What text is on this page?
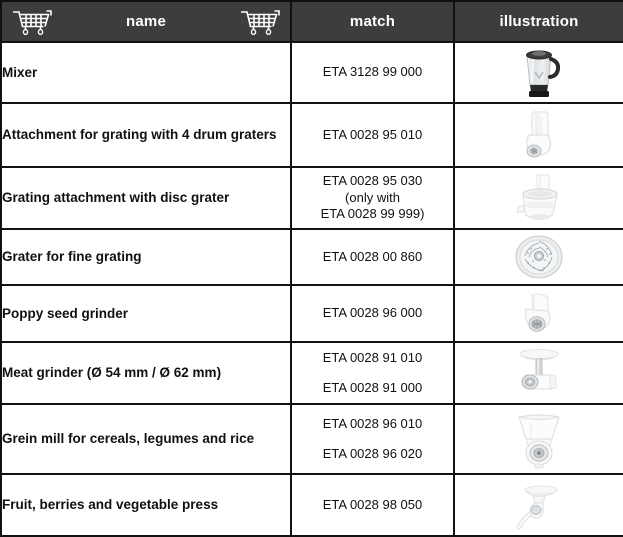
name	match	illustration
Mixer	ETA 3128 99 000

Attachment for grating with 4 drum graters	ETA 0028 95 010

Grating attachment with disc grater	ETA 0028 95 030
(only with
ETA 0028 99 999)

Grater for fine grating	ETA 0028 00 860

Poppy seed grinder	ETA 0028 96 000

Meat grinder (Ø 54 mm / Ø 62 mm)	ETA 0028 91 010
ETA 0028 91 000

Grein mill for cereals, legumes and rice	ETA 0028 96 010
ETA 0028 96 020

Fruit, berries and vegetable press	ETA 0028 98 050
